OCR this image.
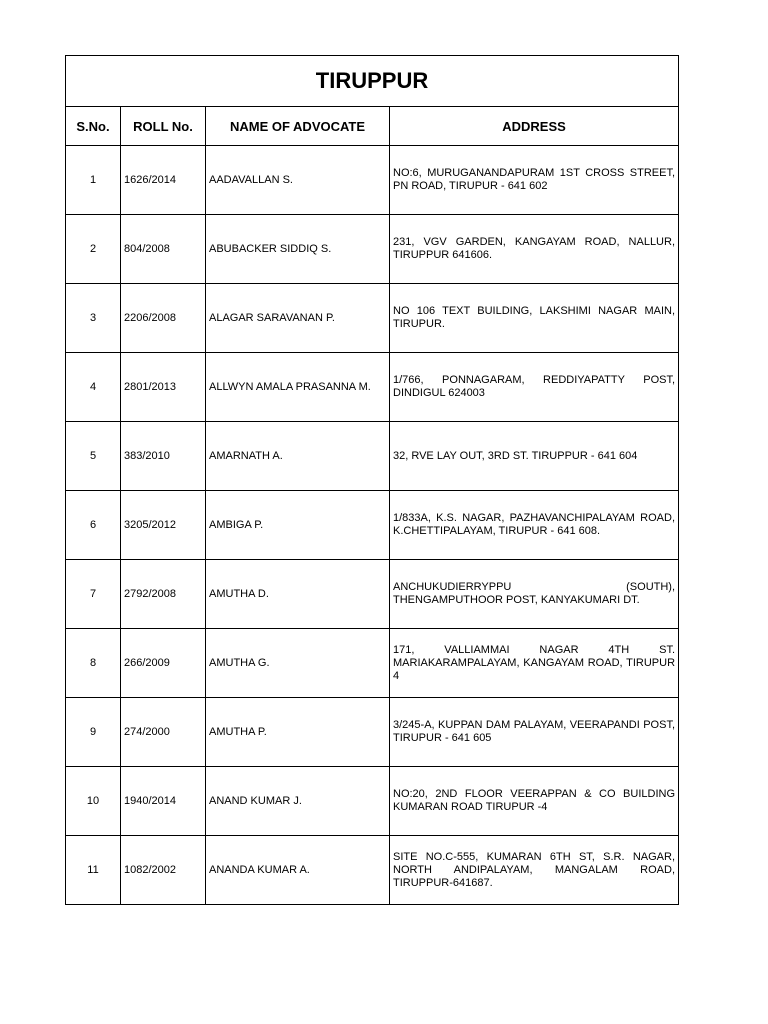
TIRUPPUR			
S.No.	ROLL No.	NAME OF ADVOCATE	ADDRESS
1	1626/2014	AADAVALLAN S.	NO:6, MURUGANANDAPURAM 1ST CROSS STREET, PN ROAD, TIRUPUR - 641 602
2	804/2008	ABUBACKER SIDDIQ S.	231, VGV GARDEN, KANGAYAM ROAD, NALLUR, TIRUPPUR 641606.
3	2206/2008	ALAGAR SARAVANAN P.	NO 106 TEXT BUILDING, LAKSHIMI NAGAR MAIN, TIRUPUR.
4	2801/2013	ALLWYN AMALA PRASANNA M.	1/766, PONNAGARAM, REDDIYAPATTY POST, DINDIGUL 624003
5	383/2010	AMARNATH A.	32, RVE LAY OUT, 3RD ST. TIRUPPUR - 641 604
6	3205/2012	AMBIGA P.	1/833A, K.S. NAGAR, PAZHAVANCHIPALAYAM ROAD, K.CHETTIPALAYAM, TIRUPUR - 641 608.
7	2792/2008	AMUTHA D.	ANCHUKUDIERRYPPU (SOUTH), THENGAMPUTHOOR POST, KANYAKUMARI DT.
8	266/2009	AMUTHA G.	171, VALLIAMMAI NAGAR 4TH ST. MARIAKARAMPALAYAM, KANGAYAM ROAD, TIRUPUR 4
9	274/2000	AMUTHA P.	3/245-A, KUPPAN DAM PALAYAM, VEERAPANDI POST, TIRUPUR - 641 605
10	1940/2014	ANAND KUMAR J.	NO:20, 2ND FLOOR VEERAPPAN & CO BUILDING KUMARAN ROAD TIRUPUR -4
11	1082/2002	ANANDA KUMAR A.	SITE NO.C-555, KUMARAN 6TH ST, S.R. NAGAR, NORTH ANDIPALAYAM, MANGALAM ROAD, TIRUPPUR-641687.
